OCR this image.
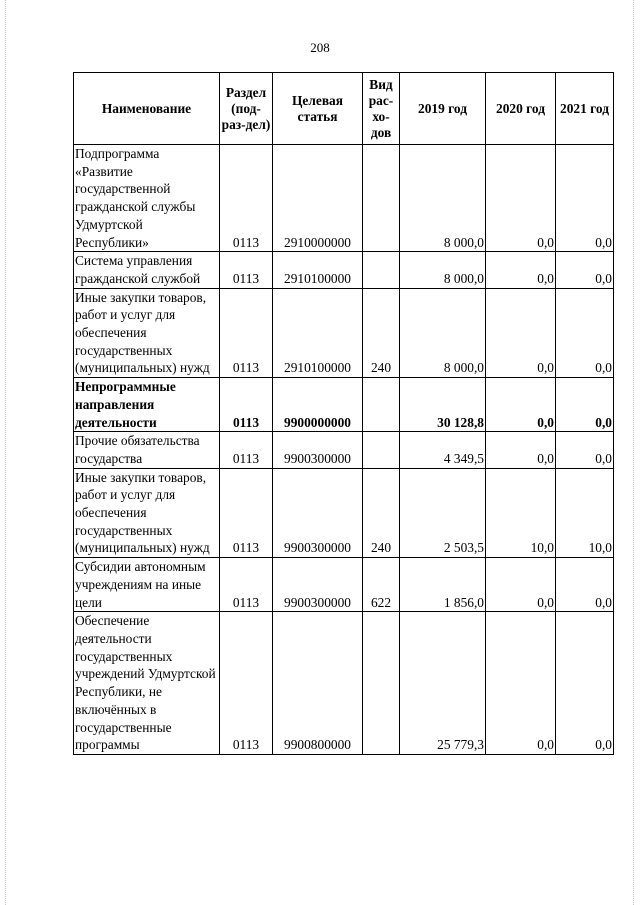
208
Наименование	Раздел (под-раз-дел)	Целевая статья	Вид рас-хо-дов	2019 год	2020 год	2021 год
Подпрограмма «Развитие государственной гражданской службы Удмуртской Республики»	0113	2910000000		8 000,0	0,0	0,0
Система управления гражданской службой	0113	2910100000		8 000,0	0,0	0,0
Иные закупки товаров, работ и услуг для обеспечения государственных (муниципальных) нужд	0113	2910100000	240	8 000,0	0,0	0,0
Непрограммные направления деятельности	0113	9900000000		30 128,8	0,0	0,0
Прочие обязательства государства	0113	9900300000		4 349,5	0,0	0,0
Иные закупки товаров, работ и услуг для обеспечения государственных (муниципальных) нужд	0113	9900300000	240	2 503,5	10,0	10,0
Субсидии автономным учреждениям на иные цели	0113	9900300000	622	1 856,0	0,0	0,0
Обеспечение деятельности государственных учреждений Удмуртской Республики, не включённых в государственные программы	0113	9900800000		25 779,3	0,0	0,0
